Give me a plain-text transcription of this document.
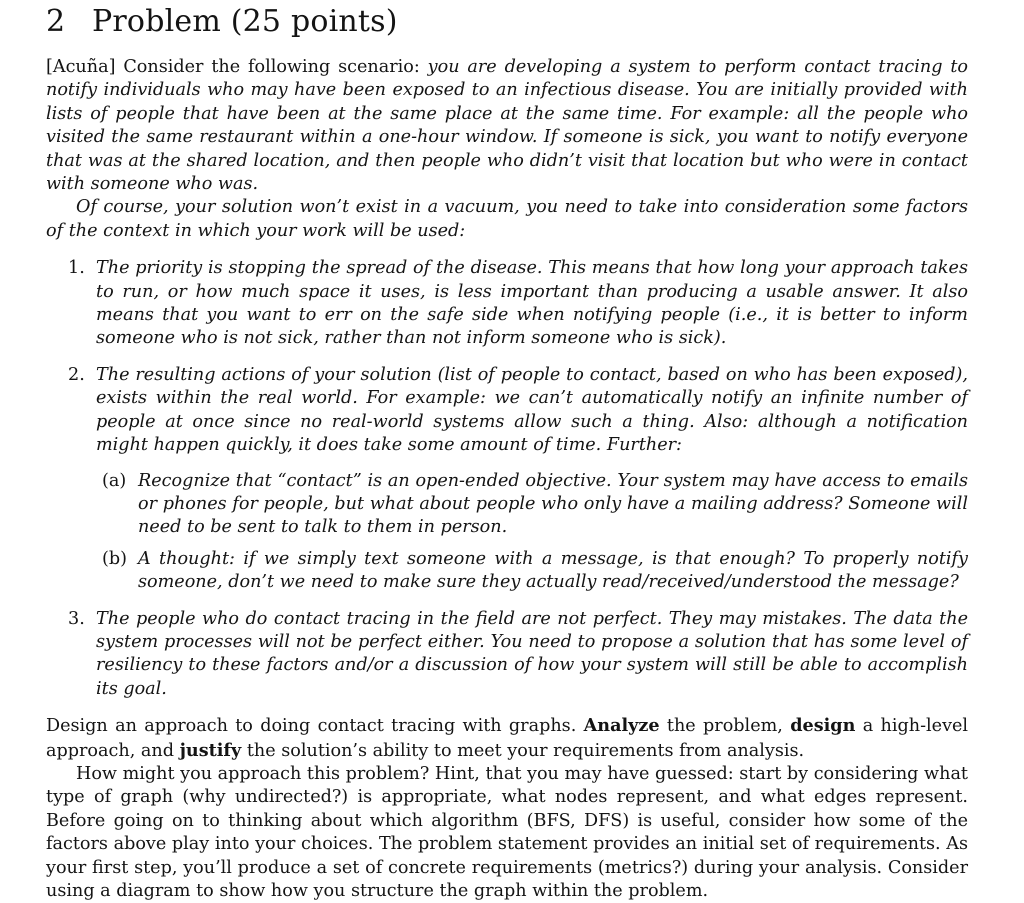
2 Problem (25 points)

[Acuña] Consider the following scenario: you are developing a system to perform contact tracing to notify individuals who may have been exposed to an infectious disease. You are initially provided with lists of people that have been at the same place at the same time. For example: all the people who visited the same restaurant within a one-hour window. If someone is sick, you want to notify everyone that was at the shared location, and then people who didn’t visit that location but who were in contact with someone who was.

Of course, your solution won’t exist in a vacuum, you need to take into consideration some factors of the context in which your work will be used:

1. The priority is stopping the spread of the disease. This means that how long your approach takes to run, or how much space it uses, is less important than producing a usable answer. It also means that you want to err on the safe side when notifying people (i.e., it is better to inform someone who is not sick, rather than not inform someone who is sick).
2. The resulting actions of your solution (list of people to contact, based on who has been exposed), exists within the real world. For example: we can’t automatically notify an infinite number of people at once since no real-world systems allow such a thing. Also: although a notification might happen quickly, it does take some amount of time. Further:
(a) Recognize that “contact” is an open-ended objective. Your system may have access to emails or phones for people, but what about people who only have a mailing address? Someone will need to be sent to talk to them in person.
(b) A thought: if we simply text someone with a message, is that enough? To properly notify someone, don’t we need to make sure they actually read/received/understood the message?
3. The people who do contact tracing in the field are not perfect. They may mistakes. The data the system processes will not be perfect either. You need to propose a solution that has some level of resiliency to these factors and/or a discussion of how your system will still be able to accomplish its goal.

Design an approach to doing contact tracing with graphs. Analyze the problem, design a high-level approach, and justify the solution’s ability to meet your requirements from analysis.

How might you approach this problem? Hint, that you may have guessed: start by considering what type of graph (why undirected?) is appropriate, what nodes represent, and what edges represent. Before going on to thinking about which algorithm (BFS, DFS) is useful, consider how some of the factors above play into your choices. The problem statement provides an initial set of requirements. As your first step, you’ll produce a set of concrete requirements (metrics?) during your analysis. Consider using a diagram to show how you structure the graph within the problem.
